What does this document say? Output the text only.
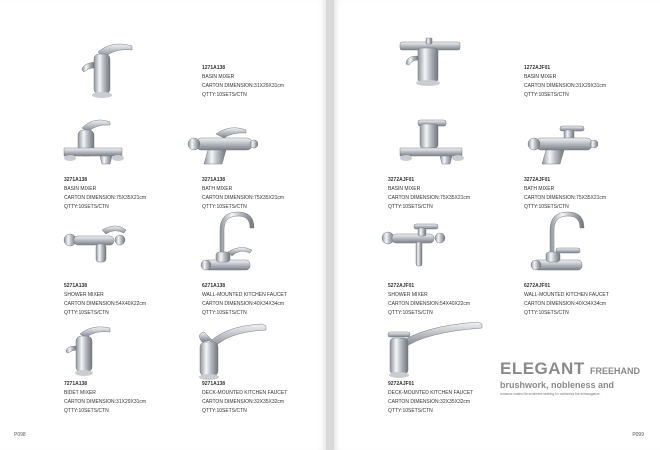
1271A138
BASIN MIXER
CARTON DIMENSION:31X29X31cm
QTTY:10SETS/CTN
3271A138
BASIN MIXER
CARTON DIMENSION:75X35X21cm
QTTY:10SETS/CTN
3271A138
BATH MIXER
CARTON DIMENSION:75X35X21cm
QTTY:10SETS/CTN
5271A138
SHOWER MIXER
CARTON DIMENSION:54X40X22cm
QTTY:10SETS/CTN
6271A138
WALL-MOUNTED KITCHEN FAUCET
CARTON DIMENSION:40X34X34cm
QTTY:10SETS/CTN
7271A138
BIDET MIXER
CARTON DIMENSION:31X29X31cm
QTTY:10SETS/CTN
9271A138
DECK-MOUNTED KITCHEN FAUCET
CARTON DIMENSION:32X35X32cm
QTTY:10SETS/CTN
P098
1272AJF01
BASIN MIXER
CARTON DIMENSION:31X29X31cm
QTTY:10SETS/CTN
3272AJF01
BASIN MIXER
CARTON DIMENSION:75X35X21cm
QTTY:10SETS/CTN
3272AJF01
BATH MIXER
CARTON DIMENSION:75X35X21cm
QTTY:10SETS/CTN
5272AJF01
SHOWER MIXER
CARTON DIMENSION:54X40X22cm
QTTY:10SETS/CTN
6272AJF01
WALL-MOUNTED KITCHEN FAUCET
CARTON DIMENSION:40X34X34cm
QTTY:10SETS/CTN
9272AJF01
DECK-MOUNTED KITCHEN FAUCET
CARTON DIMENSION:32X35X32cm
QTTY:10SETS/CTN
ELEGANT FREEHAND
brushwork, nobleness and
romance makes life sentiment seeking for nobleness but extravagance.
P099
